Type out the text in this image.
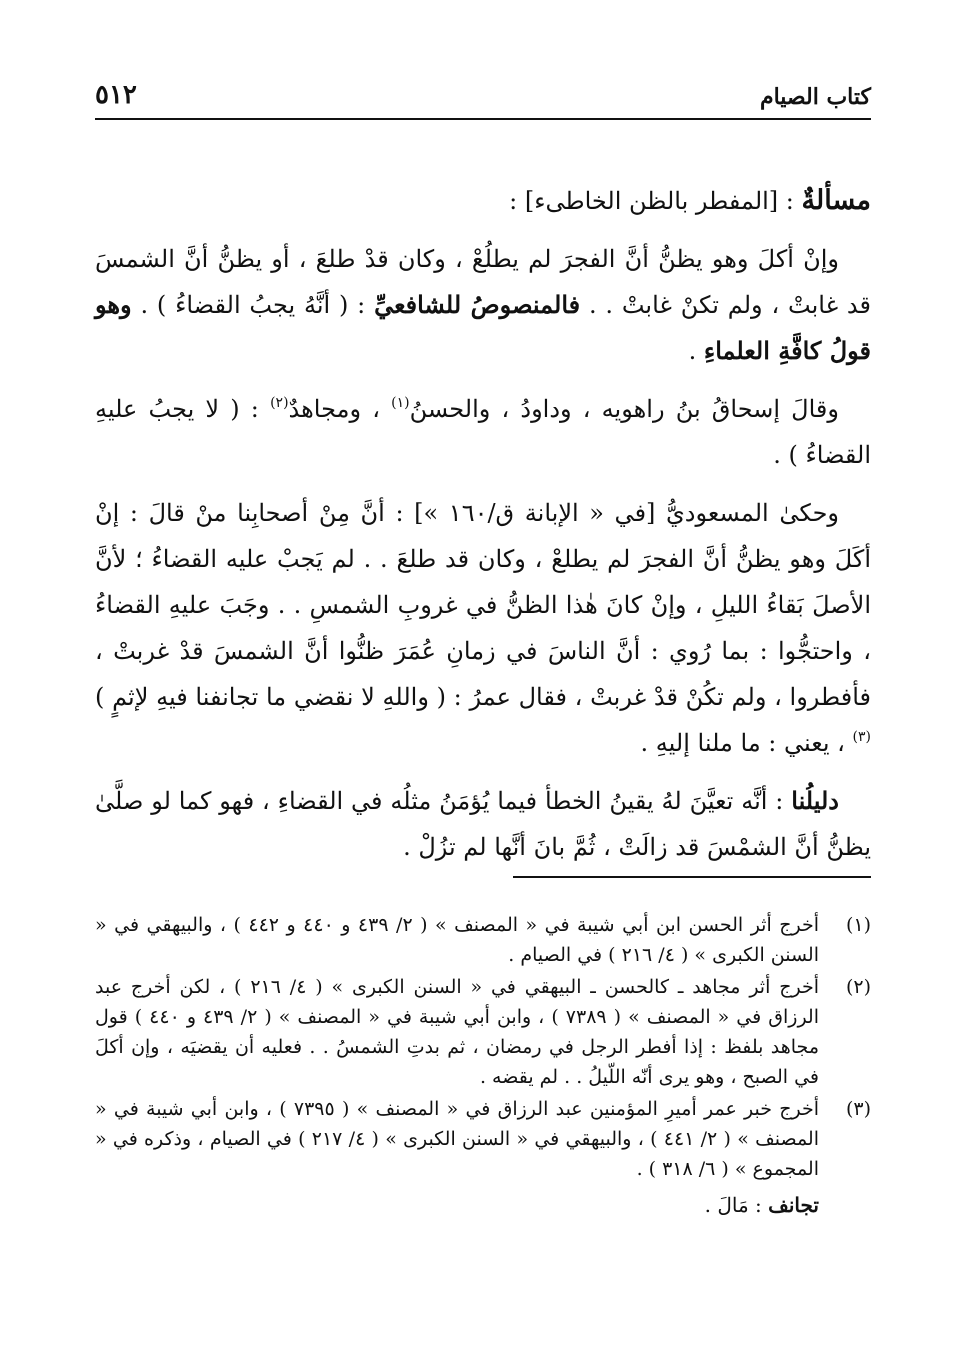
كتاب الصيام
٥١٢

مسألةٌ : [المفطر بالظن الخاطىء] :

وإنْ أكلَ وهو يظنُّ أنَّ الفجرَ لم يطلُعْ ، وكان قدْ طلعَ ، أو يظنُّ أنَّ الشمسَ قد غابتْ ، ولم تكنْ غابتْ . . فالمنصوصُ للشافعيِّ : ( أنَّهُ يجبُ القضاءُ ) . وهو قولُ كافَّةِ العلماءِ .

وقالَ إسحاقُ بنُ راهويه ، وداودُ ، والحسنُ$^{(١)}$ ، ومجاهدٌ$^{(٢)}$ : ( لا يجبُ عليهِ القضاءُ ) .

وحكىٰ المسعوديُّ [في « الإبانة ق/١٦٠ »] : أنَّ مِنْ أصحابِنا منْ قالَ : إنْ أكَلَ وهو يظنُّ أنَّ الفجرَ لم يطلعْ ، وكان قد طلعَ . . لم يَجبْ عليه القضاءُ ؛ لأنَّ الأصلَ بَقاءُ الليلِ ، وإنْ كانَ هٰذا الظنُّ في غروبِ الشمسِ . . وجَبَ عليهِ القضاءُ ، واحتجُّوا : بما رُوي : أنَّ الناسَ في زمانِ عُمَرَ ظنُّوا أنَّ الشمسَ قدْ غربتْ ، فأفطروا ، ولم تكُنْ قدْ غربتْ ، فقال عمرُ : ( واللهِ لا نقضي ما تجانفنا فيهِ لإثمٍ )$^{(٣)}$ ، يعني : ما ملنا إليهِ .

دليلُنا : أنَّه تعيَّنَ لهُ يقينُ الخطأ فيما يُؤمَنُ مثلُه في القضاءِ ، فهو كما لو صلَّىٰ يظنُّ أنَّ الشمْسَ قد زالَتْ ، ثُمَّ بانَ أنَّها لم تزُلْ .

(١)
أخرج أثر الحسن ابن أبي شيبة في « المصنف » ( ٢/ ٤٣٩ و ٤٤٠ و ٤٤٢ ) ، والبيهقي في « السنن الكبرى » ( ٤/ ٢١٦ ) في الصيام .
(٢)
أخرج أثر مجاهد ـ كالحسن ـ البيهقي في « السنن الكبرى » ( ٤/ ٢١٦ ) ، لكن أخرج عبد الرزاق في « المصنف » ( ٧٣٨٩ ) ، وابن أبي شيبة في « المصنف » ( ٢/ ٤٣٩ و ٤٤٠ ) قول مجاهد بلفظ : إذا أفطر الرجل في رمضان ، ثم بدتِ الشمسُ . . فعليه أن يقضيَه ، وإن أكلَ في الصبح ، وهو يرى أنّه اللّيلُ . . لم يقضه .
(٣)
أخرج خبر عمر أميرِ المؤمنين عبد الرزاق في « المصنف » ( ٧٣٩٥ ) ، وابن أبي شيبة في « المصنف » ( ٢/ ٤٤١ ) ، والبيهقي في « السنن الكبرى » ( ٤/ ٢١٧ ) في الصيام ، وذكره في « المجموع » ( ٦/ ٣١٨ ) .
تجانف : مَالَ .
